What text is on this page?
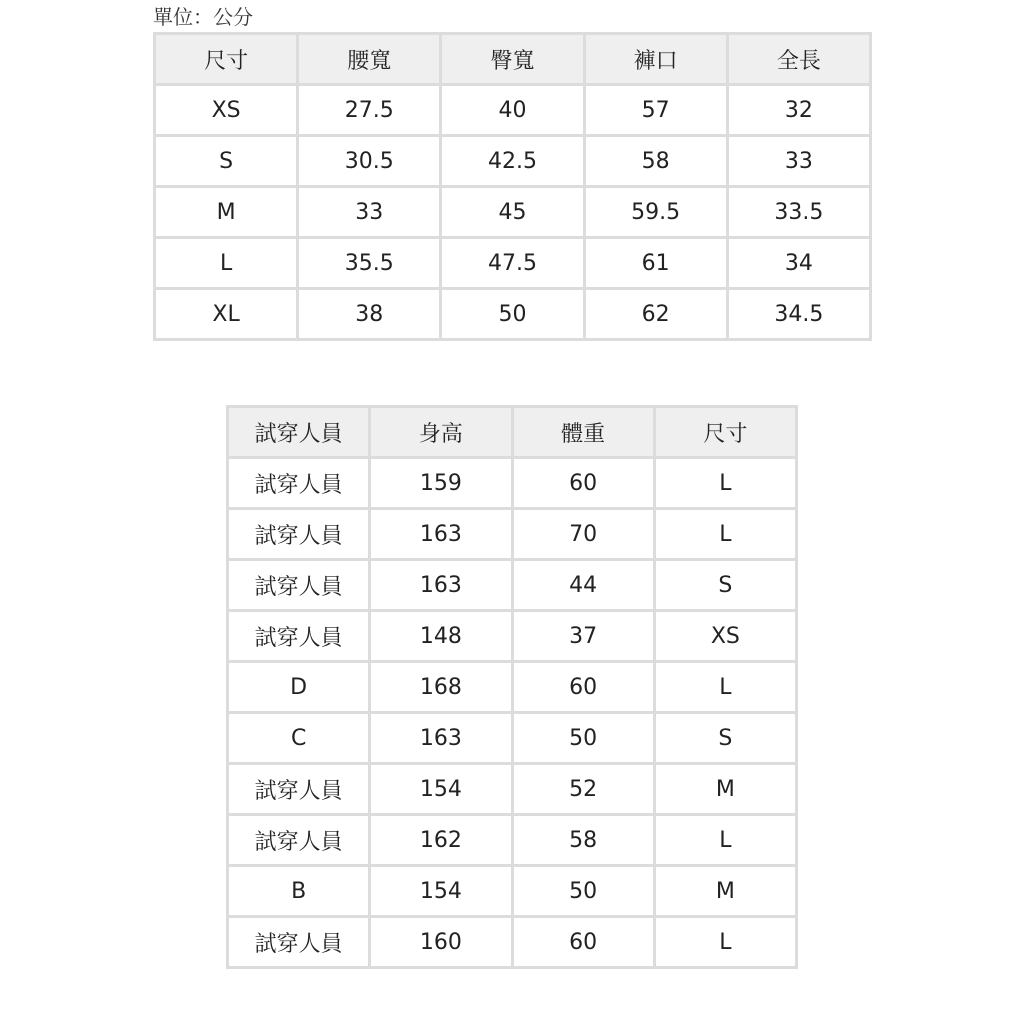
單位：公分
尺寸	腰寬	臀寬	褲口	全長
XS	27.5	40	57	32
S	30.5	42.5	58	33
M	33	45	59.5	33.5
L	35.5	47.5	61	34
XL	38	50	62	34.5
試穿人員	身高	體重	尺寸
試穿人員	159	60	L
試穿人員	163	70	L
試穿人員	163	44	S
試穿人員	148	37	XS
D	168	60	L
C	163	50	S
試穿人員	154	52	M
試穿人員	162	58	L
B	154	50	M
試穿人員	160	60	L
